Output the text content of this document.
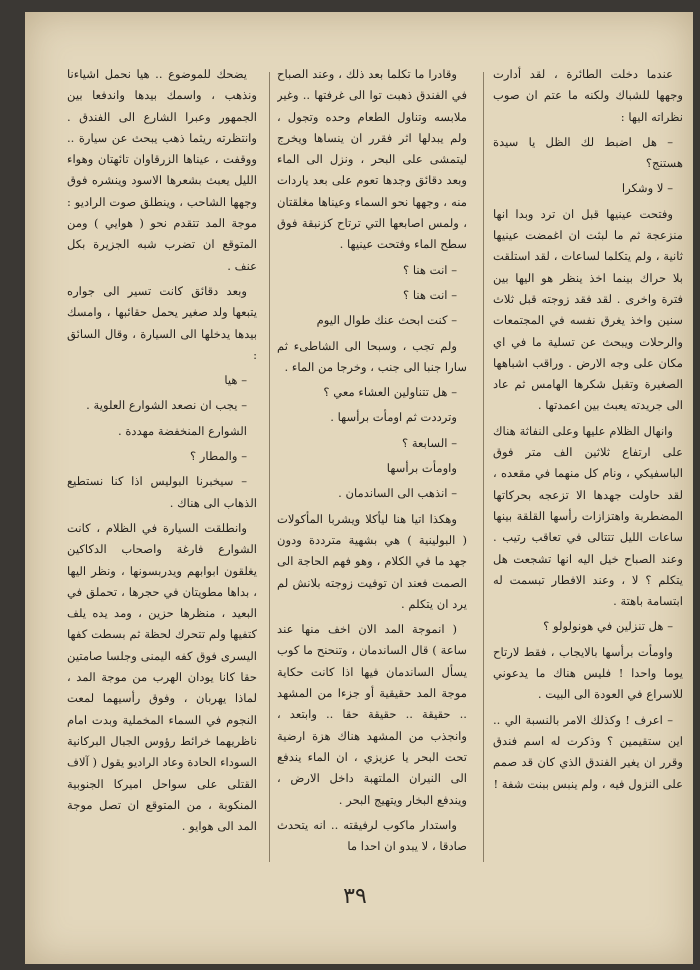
عندما دخلت الطائرة ، لقد أدارت وجهها للشباك ولكنه ما عتم ان صوب نظراته اليها :

– هل اضبط لك الظل يا سيدة هستنج؟

– لا وشكرا

وفتحت عينيها قبل ان ترد وبدا انها منزعجة ثم ما لبثت ان اغمضت عينيها ثانية ، ولم يتكلما لساعات ، لقد استلقت بلا حراك بينما اخذ ينظر هو اليها بين فترة واخرى . لقد فقد زوجته قبل ثلاث سنين واخذ يغرق نفسه في المجتمعات والرحلات ويبحث عن تسلية ما في اي مكان على وجه الارض . وراقب اشباهها الصغيرة وتقبل شكرها الهامس ثم عاد الى جريدته يعبث بين اعمدتها .

وانهال الظلام عليها وعلى النفاثة هناك على ارتفاع ثلاثين الف متر فوق الباسفيكي ، ونام كل منهما في مقعده ، لقد حاولت جهدها الا تزعجه بحركاتها المضطربة واهتزازات رأسها القلقة بينها ساعات الليل تتتالى في تعاقب رتيب . وعند الصباح خيل اليه انها تشجعت هل يتكلم ؟ لا ، وعند الافطار تبسمت له ابتسامة باهتة .

– هل تنزلين في هونولولو ؟

واومأت برأسها بالايجاب ، فقط لارتاح يوما واحدا ! فليس هناك ما يدعوني للاسراع في العودة الى البيت .

– اعرف ! وكذلك الامر بالنسبة الي .. اين ستقيمين ؟ وذكرت له اسم فندق وقرر ان يغير الفندق الذي كان قد صمم على النزول فيه ، ولم ينبس ببنت شفة !

وقادرا ما تكلما بعد ذلك ، وعند الصباح في الفندق ذهبت توا الى غرفتها .. وغير ملابسه وتناول الطعام وحده وتجول ، ولم يبدلها اثر فقرر ان ينساها ويخرج ليتمشى على البحر ، ونزل الى الماء وبعد دقائق وجدها تعوم على بعد ياردات منه ، وجهها نحو السماء وعيناها مغلقتان ، ولمس اصابعها التي ترتاح كزنبقة فوق سطح الماء وفتحت عينيها .

– انت هنا ؟

– انت هنا ؟

– كنت ابحث عنك طوال اليوم

ولم تجب ، وسبحا الى الشاطىء ثم سارا جنبا الى جنب ، وخرجا من الماء .

– هل تتناولين العشاء معي ؟

وترددت ثم اومأت برأسها .

– السابعة ؟

واومأت برأسها

– انذهب الى الساندمان .

وهكذا اتيا هنا ليأكلا ويشربا المأكولات ( البولينية ) هي بشهية مترددة ودون جهد ما في الكلام ، وهو فهم الحاجة الى الصمت فعند ان توفيت زوجته بلانش لم يرد ان يتكلم .

( انموجة المد الان اخف منها عند ساعة ) قال الساندمان ، وتنحنح ما كوب يسأل الساندمان فيها اذا كانت حكاية موجة المد حقيقية أو جزءا من المشهد .. حقيقة .. حقيقة حقا .. وابتعد ، وانجذب من المشهد هناك هزة ارضية تحت البحر يا عزيزي ، ان الماء يندفع الى النيران الملتهبة داخل الارض ، ويندفع البخار ويتهيج البحر .

واستدار ماكوب لرفيقته .. انه يتحدث صادقا ، لا يبدو ان احدا ما

يضحك للموضوع .. هيا نحمل اشياءنا ونذهب ، واسمك بيدها واندفعا بين الجمهور وعبرا الشارع الى الفندق . وانتظرته ريثما ذهب يبحث عن سيارة .. ووقفت ، عيناها الزرقاوان تائهتان وهواء الليل يعبث بشعرها الاسود وينشره فوق وجهها الشاحب ، وينطلق صوت الراديو : موجة المد تتقدم نحو ( هوايي ) ومن المتوقع ان تضرب شبه الجزيرة بكل عنف .

وبعد دقائق كانت تسير الى جواره يتبعها ولد صغير يحمل حقائبها ، وامسك بيدها يدخلها الى السيارة ، وقال السائق :

– هيا

– يجب ان نصعد الشوارع العلوية .

الشوارع المنخفضة مهددة .

– والمطار ؟

– سيخبرنا البوليس اذا كنا نستطيع الذهاب الى هناك .

وانطلقت السيارة في الظلام ، كانت الشوارع فارغة واصحاب الدكاكين يغلقون ابوابهم ويدربسونها ، ونظر اليها ، بداها مطويتان في حجرها ، تحملق في البعيد ، منظرها حزين ، ومد يده يلف كتفيها ولم تتحرك لحظة ثم بسطت كفها اليسرى فوق كفه اليمنى وجلسا صامتين حقا كانا يودان الهرب من موجة المد ، لماذا يهربان ، وفوق رأسيهما لمعت النجوم في السماء المخملية وبدت امام ناظريهما خرائط رؤوس الجبال البركانية السوداء الحادة وعاد الراديو يقول ( آلاف القتلى على سواحل اميركا الجنوبية المنكوبة ، من المتوقع ان تصل موجة المد الى هوايو .

٣٩
